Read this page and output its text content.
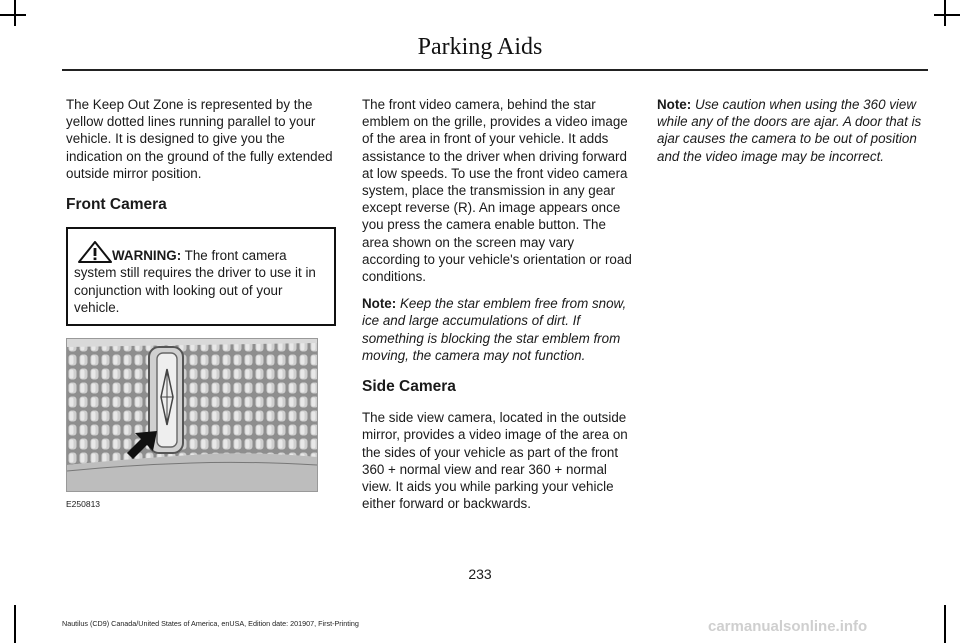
Parking Aids

The Keep Out Zone is represented by the yellow dotted lines running parallel to your vehicle. It is designed to give you the indication on the ground of the fully extended outside mirror position.

Front Camera
WARNING: The front camera system still requires the driver to use it in conjunction with looking out of your vehicle.
E250813

The front video camera, behind the star emblem on the grille, provides a video image of the area in front of your vehicle. It adds assistance to the driver when driving forward at low speeds. To use the front video camera system, place the transmission in any gear except reverse (R). An image appears once you press the camera enable button. The area shown on the screen may vary according to your vehicle's orientation or road conditions.

Note: Keep the star emblem free from snow, ice and large accumulations of dirt. If something is blocking the star emblem from moving, the camera may not function.

Side Camera

The side view camera, located in the outside mirror, provides a video image of the area on the sides of your vehicle as part of the front 360 + normal view and rear 360 + normal view. It aids you while parking your vehicle either forward or backwards.

Note: Use caution when using the 360 view while any of the doors are ajar. A door that is ajar causes the camera to be out of position and the video image may be incorrect.

233
Nautilus (CD9) Canada/United States of America, enUSA, Edition date: 201907, First-Printing	carmanualsonline.info
